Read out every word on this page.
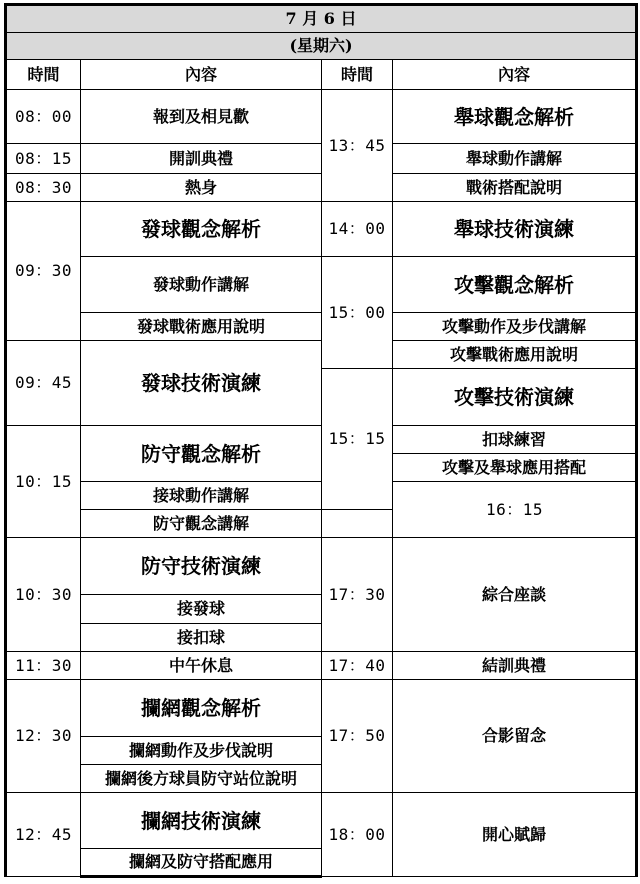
7 月 6 日				
(星期六)				
時間	內容	時間	內容	
08：00	報到及相見歡	13：45	舉球觀念解析	
08：15	開訓典禮		舉球動作講解	
08：30	熱身		戰術搭配說明	
09：30	發球觀念解析	14：00	舉球技術演練	
	發球動作講解	15：00	攻擊觀念解析	
	發球戰術應用說明		攻擊動作及步伐講解	
09：45	發球技術演練		攻擊戰術應用說明	
		15：15	攻擊技術演練	
10：15	防守觀念解析		扣球練習	
			攻擊及舉球應用搭配	
	接球動作講解		16：15	
	防守觀念講解			
10：30	防守技術演練	17：30	綜合座談	
	接發球			
	接扣球			
11：30	中午休息	17：40	結訓典禮	
12：30	攔網觀念解析	17：50	合影留念	
	攔網動作及步伐說明			
	攔網後方球員防守站位說明			
12：45	攔網技術演練	18：00	開心賦歸	
	攔網及防守搭配應用			
